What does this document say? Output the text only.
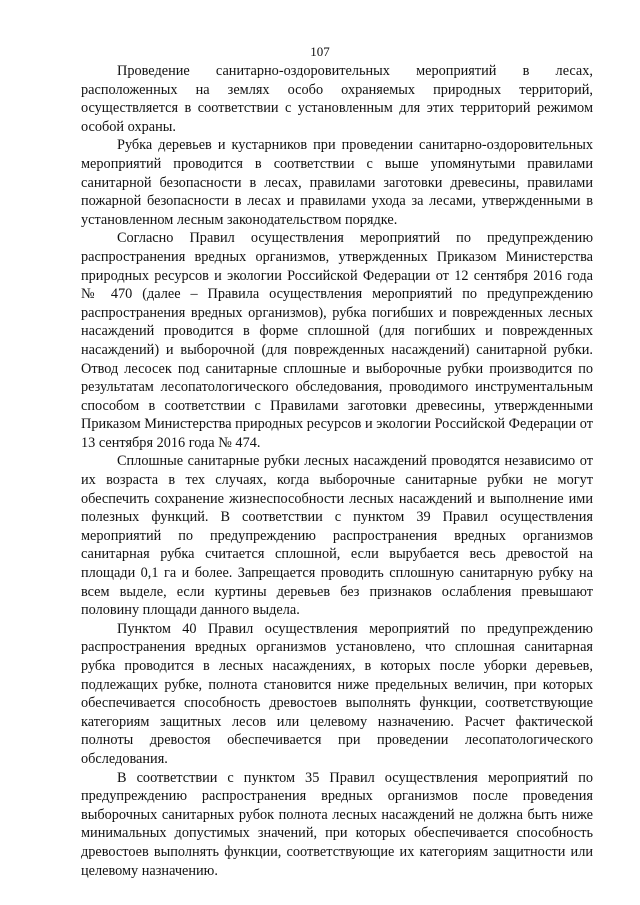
107

Проведение санитарно-оздоровительных мероприятий в лесах, расположенных на землях особо охраняемых природных территорий, осуществляется в соответствии с установленным для этих территорий режимом особой охраны.

Рубка деревьев и кустарников при проведении санитарно-оздоровительных мероприятий проводится в соответствии с выше упомянутыми правилами санитарной безопасности в лесах, правилами заготовки древесины, правилами пожарной безопасности в лесах и правилами ухода за лесами, утвержденными в установленном лесным законодательством порядке.

Согласно Правил осуществления мероприятий по предупреждению распространения вредных организмов, утвержденных Приказом Министерства природных ресурсов и экологии Российской Федерации от 12 сентября 2016 года № 470 (далее – Правила осуществления мероприятий по предупреждению распространения вредных организмов), рубка погибших и поврежденных лесных насаждений проводится в форме сплошной (для погибших и поврежденных насаждений) и выборочной (для поврежденных насаждений) санитарной рубки. Отвод лесосек под санитарные сплошные и выборочные рубки производится по результатам лесопатологического обследования, проводимого инструментальным способом в соответствии с Правилами заготовки древесины, утвержденными Приказом Министерства природных ресурсов и экологии Российской Федерации от 13 сентября 2016 года № 474.

Сплошные санитарные рубки лесных насаждений проводятся независимо от их возраста в тех случаях, когда выборочные санитарные рубки не могут обеспечить сохранение жизнеспособности лесных насаждений и выполнение ими полезных функций. В соответствии с пунктом 39 Правил осуществления мероприятий по предупреждению распространения вредных организмов санитарная рубка считается сплошной, если вырубается весь древостой на площади 0,1 га и более. Запрещается проводить сплошную санитарную рубку на всем выделе, если куртины деревьев без признаков ослабления превышают половину площади данного выдела.

Пунктом 40 Правил осуществления мероприятий по предупреждению распространения вредных организмов установлено, что сплошная санитарная рубка проводится в лесных насаждениях, в которых после уборки деревьев, подлежащих рубке, полнота становится ниже предельных величин, при которых обеспечивается способность древостоев выполнять функции, соответствующие категориям защитных лесов или целевому назначению. Расчет фактической полноты древостоя обеспечивается при проведении лесопатологического обследования.

В соответствии с пунктом 35 Правил осуществления мероприятий по предупреждению распространения вредных организмов после проведения выборочных санитарных рубок полнота лесных насаждений не должна быть ниже минимальных допустимых значений, при которых обеспечивается способность древостоев выполнять функции, соответствующие их категориям защитности или целевому назначению.
